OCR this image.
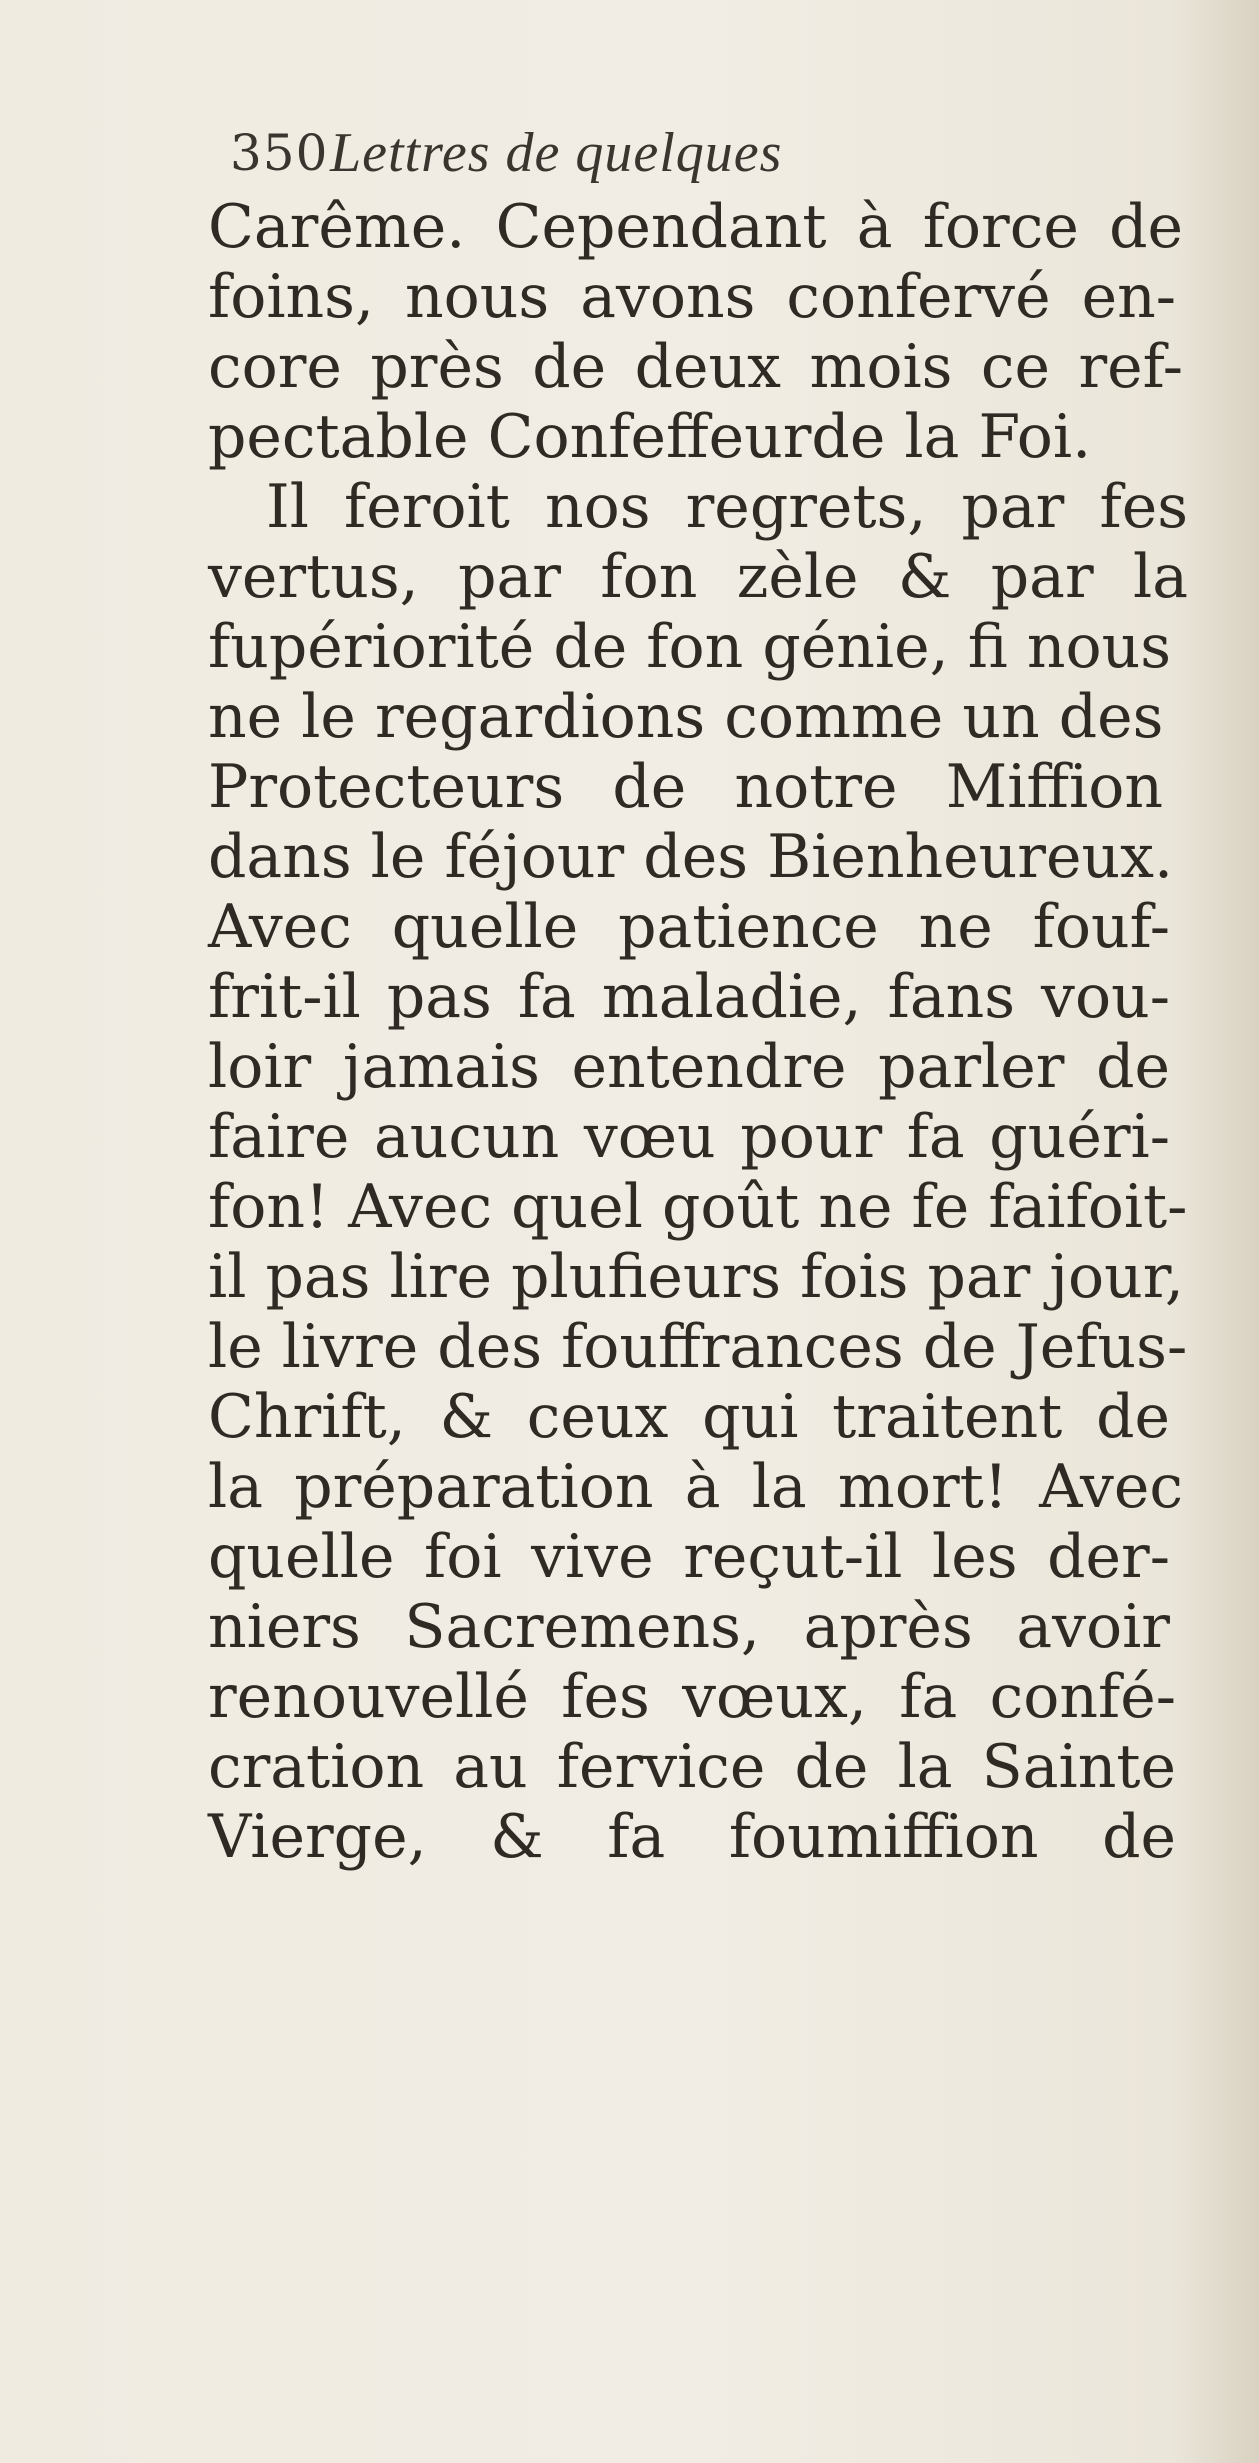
350 Lettres de quelques
Carême. Cependant à force de
foins, nous avons confervé en-
core près de deux mois ce ref-
pectable Confeffeurde la Foi.
Il feroit nos regrets, par fes
vertus, par fon zèle & par la
fupériorité de fon génie, fi nous
ne le regardions comme un des
Protecteurs de notre Miffion
dans le féjour des Bienheureux.
Avec quelle patience ne fouf-
frit-il pas fa maladie, fans vou-
loir jamais entendre parler de
faire aucun vœu pour fa guéri-
fon! Avec quel goût ne fe faifoit-
il pas lire plufieurs fois par jour,
le livre des fouffrances de Jefus-
Chrift, & ceux qui traitent de
la préparation à la mort! Avec
quelle foi vive reçut-il les der-
niers Sacremens, après avoir
renouvellé fes vœux, fa confé-
cration au fervice de la Sainte
Vierge, & fa foumiffion de
